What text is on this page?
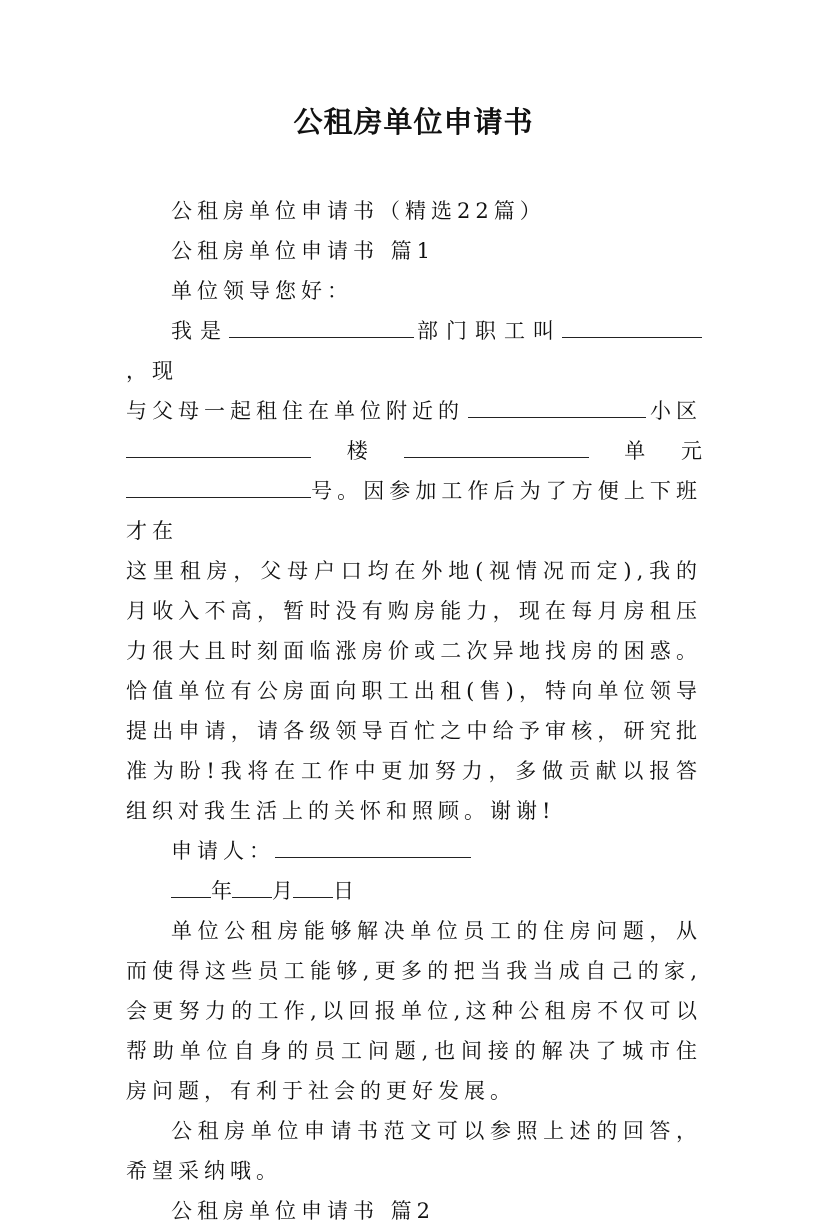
公租房单位申请书

公租房单位申请书（精选22篇）

公租房单位申请书 篇1

单位领导您好：

我是	部门职工叫，现

与父母一起租住在单位附近的	小区
楼	单 元

号。因参加工作后为了方便上下班才在

这里租房，父母户口均在外地(视情况而定),我的月收入不高，暂时没有购房能力，现在每月房租压力很大且时刻面临涨房价或二次异地找房的困惑。恰值单位有公房面向职工出租(售)，特向单位领导提出申请，请各级领导百忙之中给予审核，研究批准为盼!我将在工作中更加努力，多做贡献以报答组织对我生活上的关怀和照顾。谢谢!

申请人：

年 月 日

单位公租房能够解决单位员工的住房问题，从而使得这些员工能够,更多的把当我当成自己的家,会更努力的工作,以回报单位,这种公租房不仅可以帮助单位自身的员工问题,也间接的解决了城市住房问题，有利于社会的更好发展。

公租房单位申请书范文可以参照上述的回答，希望采纳哦。

公租房单位申请书 篇2
